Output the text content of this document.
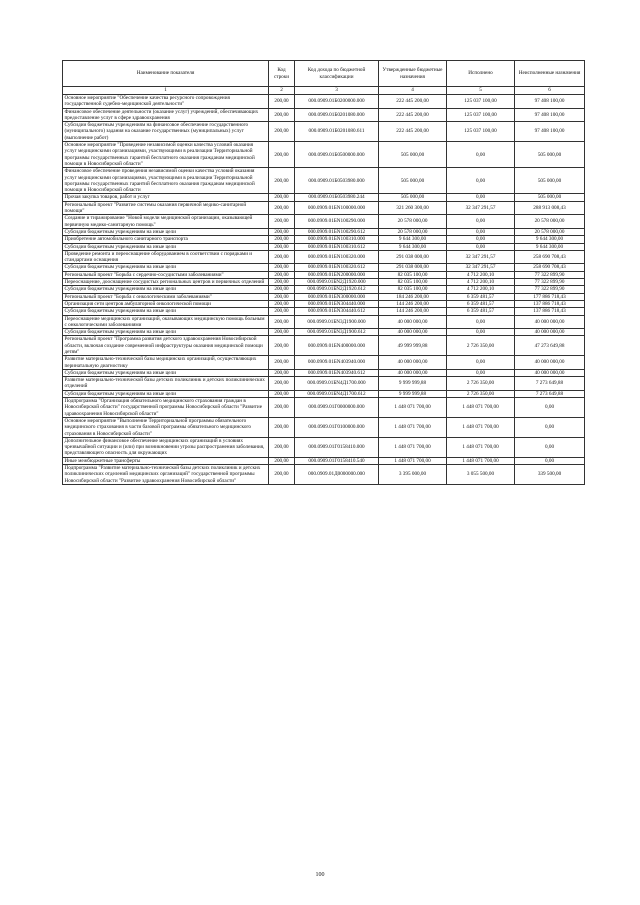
Наименование показателя	Код строки	Код дохода по бюджетной классификации	Утвержденные бюджетные назначения	Исполнено	Неисполненные назначения
1	2	3	4	5	6
Основное мероприятие "Обеспечение качества ресурсного сопровождения государственной судебно-медицинской деятельности"	200,00	000.0909.01Б0200000.000	222 445 200,00	125 037 100,00	97 408 100,00
Финансовое обеспечение деятельности (оказание услуг) учреждений, обеспечивающих предоставление услуг в сфере здравоохранения	200,00	000.0909.01Б0201080.000	222 445 200,00	125 037 100,00	97 408 100,00
Субсидии бюджетным учреждениям на финансовое обеспечение государственного (муниципального) задания на оказание государственных (муниципальных) услуг (выполнение работ)	200,00	000.0909.01Б0201080.611	222 445 200,00	125 037 100,00	97 408 100,00
Основное мероприятие "Проведение независимой оценки качества условий оказания услуг медицинскими организациями, участвующими в реализации Территориальной программы государственных гарантий бесплатного оказания гражданам медицинской помощи в Новосибирской области"	200,00	000.0909.01Б0500000.000	505 000,00	0,00	505 000,00
Финансовое обеспечение проведения независимой оценки качества условий оказания услуг медицинскими организациями, участвующими в реализации Территориальной программы государственных гарантий бесплатного оказания гражданам медицинской помощи в Новосибирской области	200,00	000.0909.01Б0503980.000	505 000,00	0,00	505 000,00
Прочая закупка товаров, работ и услуг	200,00	000.0909.01Б0503980.244	505 000,00	0,00	505 000,00
Региональный проект "Развитие системы оказания первичной медико-санитарной помощи"	200,00	000.0909.01БN100000.000	321 260 300,00	32 347 291,57	288 913 008,43
Создание и тиражирование "Новой модели медицинской организации, оказывающей первичную медико-санитарную помощь"	200,00	000.0909.01БN100290.000	20 578 000,00	0,00	20 578 000,00
Субсидии бюджетным учреждениям на иные цели	200,00	000.0909.01БN100290.612	20 578 000,00	0,00	20 578 000,00
Приобретение автомобильного санитарного транспорта	200,00	000.0909.01БN100310.000	9 644 300,00	0,00	9 644 300,00
Субсидии бюджетным учреждениям на иные цели	200,00	000.0909.01БN100310.612	9 644 300,00	0,00	9 644 300,00
Проведение ремонта и переоснащение оборудованием в соответствии с порядками и стандартами оснащения	200,00	000.0909.01БN100320.000	291 038 000,00	32 347 291,57	258 690 708,43
Субсидии бюджетным учреждениям на иные цели	200,00	000.0909.01БN100320.612	291 038 000,00	32 347 291,57	258 690 708,43
Региональный проект "Борьба с сердечно-сосудистыми заболеваниями"	200,00	000.0909.01БN200000.000	82 035 100,00	4 712 200,10	77 322 899,90
Переоснащение, дооснащение сосудистых региональных центров и первичных отделений	200,00	000.0909.01БN2Д1920.000	82 035 100,00	4 712 200,10	77 322 899,90
Субсидии бюджетным учреждениям на иные цели	200,00	000.0909.01БN2Д1920.612	82 035 100,00	4 712 200,10	77 322 899,90
Региональный проект "Борьба с онкологическими заболеваниями"	200,00	000.0909.01БN300000.000	184 246 200,00	6 359 481,57	177 886 718,43
Организация сети центров амбулаторной онкологической помощи	200,00	000.0909.01БN304440.000	144 246 200,00	6 359 481,57	137 886 718,43
Субсидии бюджетным учреждениям на иные цели	200,00	000.0909.01БN304440.612	144 246 200,00	6 359 481,57	137 886 718,43
Переоснащение медицинских организаций, оказывающих медицинскую помощь больным с онкологическими заболеваниями	200,00	000.0909.01БN3Д1900.000	40 000 000,00	0,00	40 000 000,00
Субсидии бюджетным учреждениям на иные цели	200,00	000.0909.01БN3Д1900.612	40 000 000,00	0,00	40 000 000,00
Региональный проект "Программа развития детского здравоохранения Новосибирской области, включая создание современной инфраструктуры оказания медицинской помощи детям"	200,00	000.0909.01БN400000.000	49 999 999,88	2 726 350,00	47 273 649,88
Развитие материально-технической базы медицинских организаций, осуществляющих перинатальную диагностику	200,00	000.0909.01БN403940.000	40 000 000,00	0,00	40 000 000,00
Субсидии бюджетным учреждениям на иные цели	200,00	000.0909.01БN403940.612	40 000 000,00	0,00	40 000 000,00
Развитие материально-технической базы детских поликлиник и детских поликлинических отделений	200,00	000.0909.01БN4Д1700.000	9 999 999,88	2 726 350,00	7 273 649,88
Субсидии бюджетным учреждениям на иные цели	200,00	000.0909.01БN4Д1700.612	9 999 999,88	2 726 350,00	7 273 649,88
Подпрограмма "Организация обязательного медицинского страхования граждан в Новосибирской области" государственной программы Новосибирской области "Развитие здравоохранения Новосибирской области"	200,00	000.0909.01Г0000000.000	1 448 071 700,00	1 448 071 700,00	0,00
Основное мероприятие "Выполнение Территориальной программы обязательного медицинского страхования в части базовой программы обязательного медицинского страхования в Новосибирской области"	200,00	000.0909.01Г0100000.000	1 448 071 700,00	1 448 071 700,00	0,00
Дополнительное финансовое обеспечение медицинских организаций в условиях чрезвычайной ситуации и (или) при возникновении угрозы распространения заболевания, представляющего опасность для окружающих	200,00	000.0909.01Г0158410.000	1 448 071 700,00	1 448 071 700,00	0,00
Иные межбюджетные трансферты	200,00	000.0909.01Г0158410.540	1 448 071 700,00	1 448 071 700,00	0,00
Подпрограмма "Развитие материально-технической базы детских поликлиник и детских поликлинических отделений медицинских организаций" государственной программы Новосибирской области "Развитие здравоохранения Новосибирской области"	200,00	000.0909.01Д0000000.000	3 395 000,00	3 055 500,00	339 500,00
100
